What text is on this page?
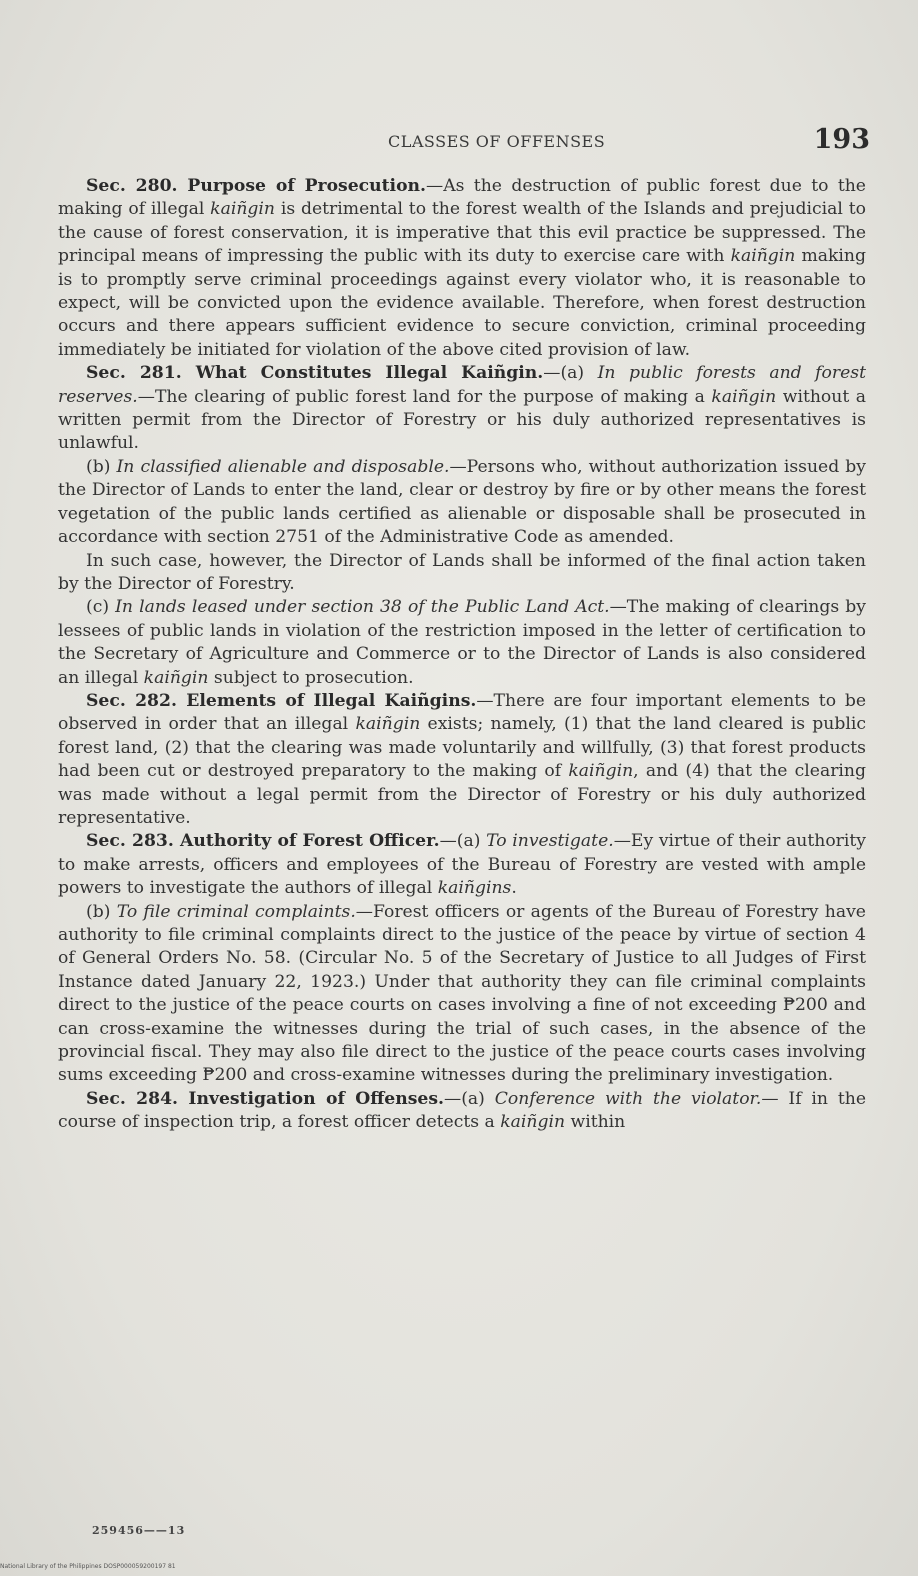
CLASSES OF OFFENSES	193

Sec. 280. Purpose of Prosecution.—As the destruction of public forest due to the making of illegal kaiñgin is detrimental to the forest wealth of the Islands and prejudicial to the cause of forest conservation, it is imperative that this evil practice be suppressed. The principal means of impressing the public with its duty to exercise care with kaiñgin making is to promptly serve criminal proceedings against every violator who, it is reasonable to expect, will be convicted upon the evidence available. Therefore, when forest destruction occurs and there appears sufficient evidence to secure conviction, criminal proceeding immediately be initiated for violation of the above cited provision of law.

Sec. 281. What Constitutes Illegal Kaiñgin.—(a) In public forests and forest reserves.—The clearing of public forest land for the purpose of making a kaiñgin without a written permit from the Director of Forestry or his duly authorized representatives is unlawful.

(b) In classified alienable and disposable.—Persons who, without authorization issued by the Director of Lands to enter the land, clear or destroy by fire or by other means the forest vegetation of the public lands certified as alienable or disposable shall be prosecuted in accordance with section 2751 of the Administrative Code as amended.

In such case, however, the Director of Lands shall be informed of the final action taken by the Director of Forestry.

(c) In lands leased under section 38 of the Public Land Act.—The making of clearings by lessees of public lands in violation of the restriction imposed in the letter of certification to the Secretary of Agriculture and Commerce or to the Director of Lands is also considered an illegal kaiñgin subject to prosecution.

Sec. 282. Elements of Illegal Kaiñgins.—There are four important elements to be observed in order that an illegal kaiñgin exists; namely, (1) that the land cleared is public forest land, (2) that the clearing was made voluntarily and willfully, (3) that forest products had been cut or destroyed preparatory to the making of kaiñgin, and (4) that the clearing was made without a legal permit from the Director of Forestry or his duly authorized representative.

Sec. 283. Authority of Forest Officer.—(a) To investigate.—Ey virtue of their authority to make arrests, officers and employees of the Bureau of Forestry are vested with ample powers to investigate the authors of illegal kaiñgins.

(b) To file criminal complaints.—Forest officers or agents of the Bureau of Forestry have authority to file criminal complaints direct to the justice of the peace by virtue of section 4 of General Orders No. 58. (Circular No. 5 of the Secretary of Justice to all Judges of First Instance dated January 22, 1923.) Under that authority they can file criminal complaints direct to the justice of the peace courts on cases involving a fine of not exceeding ₱200 and can cross-examine the witnesses during the trial of such cases, in the absence of the provincial fiscal. They may also file direct to the justice of the peace courts cases involving sums exceeding ₱200 and cross-examine witnesses during the preliminary investigation.

Sec. 284. Investigation of Offenses.—(a) Conference with the violator.— If in the course of inspection trip, a forest officer detects a kaiñgin within

259456——13
National Library of the Philippines DOSP000059200197 81
